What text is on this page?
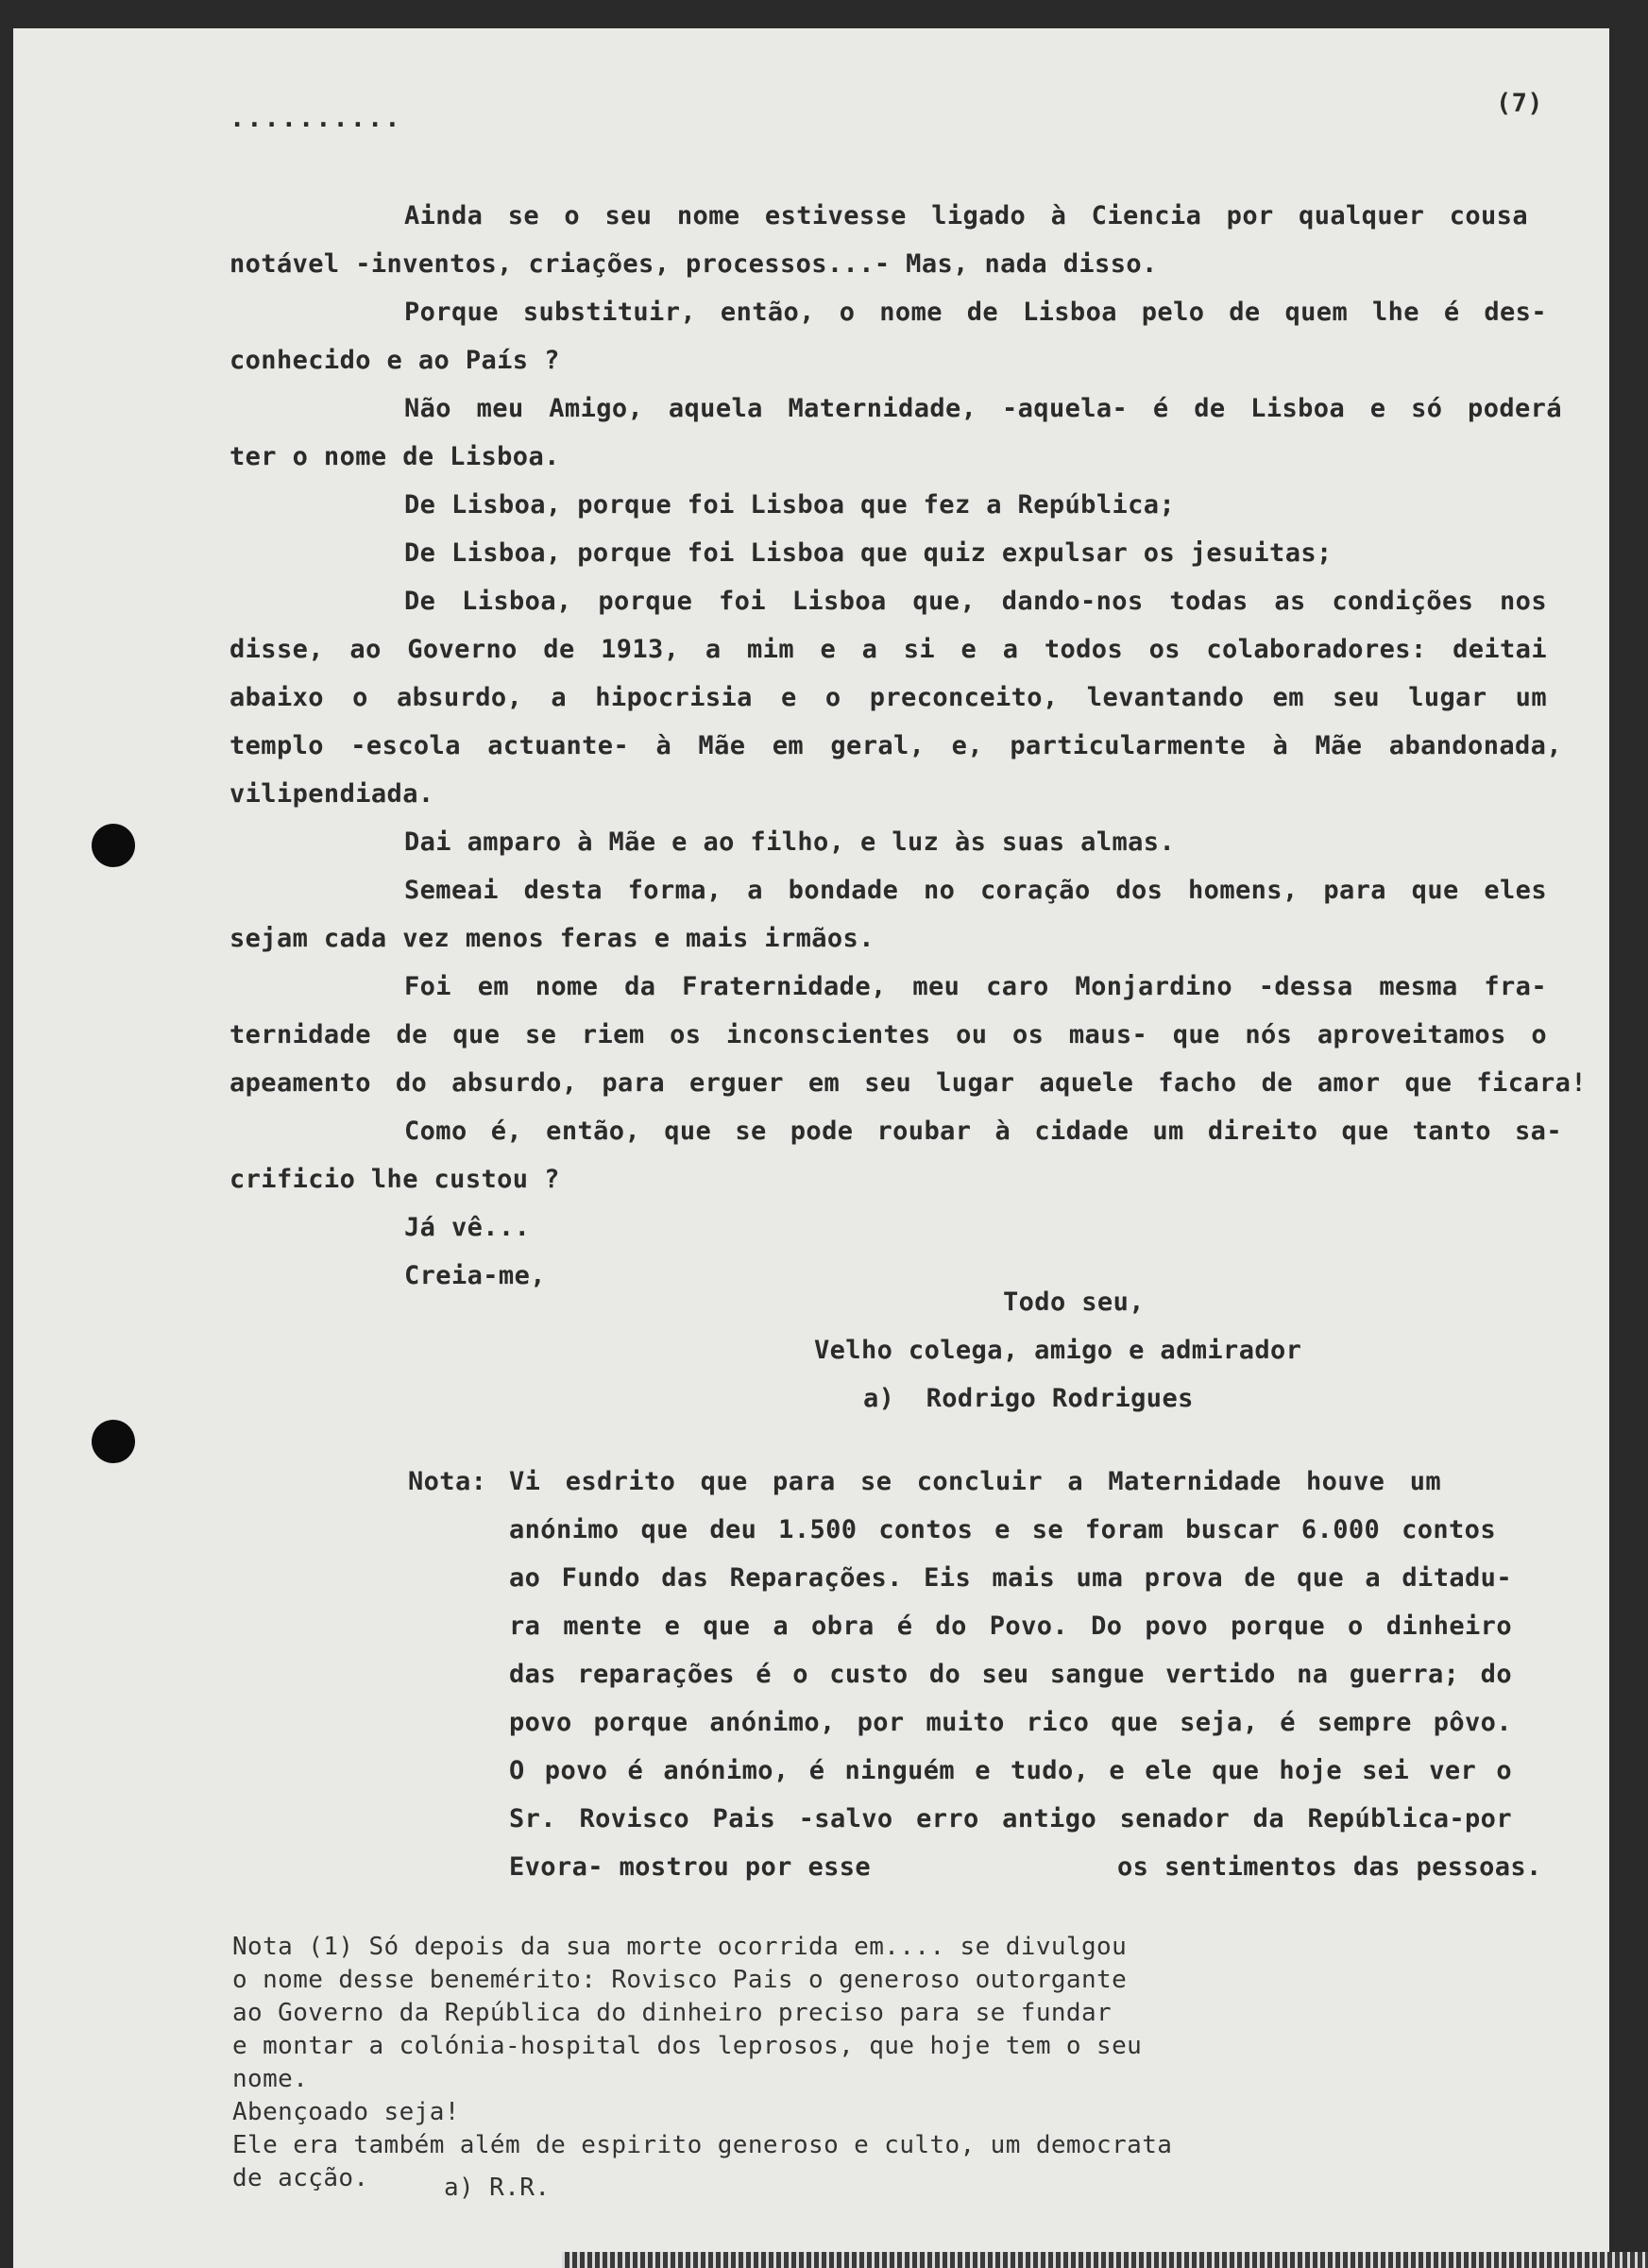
..........
(7)
Ainda se o seu nome estivesse ligado à Ciencia por qualquer cousa
notável -inventos, criações, processos...- Mas, nada disso.
Porque substituir, então, o nome de Lisboa pelo de quem lhe é des-
conhecido e ao País ?
Não meu Amigo, aquela Maternidade, -aquela- é de Lisboa e só poderá
ter o nome de Lisboa.
De Lisboa, porque foi Lisboa que fez a República;
De Lisboa, porque foi Lisboa que quiz expulsar os jesuitas;
De Lisboa, porque foi Lisboa que, dando-nos todas as condições nos
disse, ao Governo de 1913, a mim e a si e a todos os colaboradores: deitai
abaixo o absurdo, a hipocrisia e o preconceito, levantando em seu lugar um
templo -escola actuante- à Mãe em geral, e, particularmente à Mãe abandonada,
vilipendiada.
Dai amparo à Mãe e ao filho, e luz às suas almas.
Semeai desta forma, a bondade no coração dos homens, para que eles
sejam cada vez menos feras e mais irmãos.
Foi em nome da Fraternidade, meu caro Monjardino -dessa mesma fra-
ternidade de que se riem os inconscientes ou os maus- que nós aproveitamos o
apeamento do absurdo, para erguer em seu lugar aquele facho de amor que ficara!
Como é, então, que se pode roubar à cidade um direito que tanto sa-
crificio lhe custou ?
Já vê...
Creia-me,
Todo seu,
Velho colega, amigo e admirador
a)  Rodrigo Rodrigues
Nota: Vi esdrito que para se concluir a Maternidade houve um
anónimo que deu 1.500 contos e se foram buscar 6.000 contos
ao Fundo das Reparações. Eis mais uma prova de que a ditadu-
ra mente e que a obra é do Povo. Do povo porque o dinheiro
das reparações é o custo do seu sangue vertido na guerra; do
povo porque anónimo, por muito rico que seja, é sempre pôvo.
O povo é anónimo, é ninguém e tudo, e ele que hoje sei ver o
Sr. Rovisco Pais -salvo erro antigo senador da República-por
Evora- mostrou por esse	os sentimentos das pessoas.
Nota (1) Só depois da sua morte ocorrida em.... se divulgou
o nome desse benemérito: Rovisco Pais o generoso outorgante
ao Governo da República do dinheiro preciso para se fundar
e montar a colónia-hospital dos leprosos, que hoje tem o seu
nome.
Abençoado seja!
Ele era também além de espirito generoso e culto, um democrata
de acção.	a) R.R.
